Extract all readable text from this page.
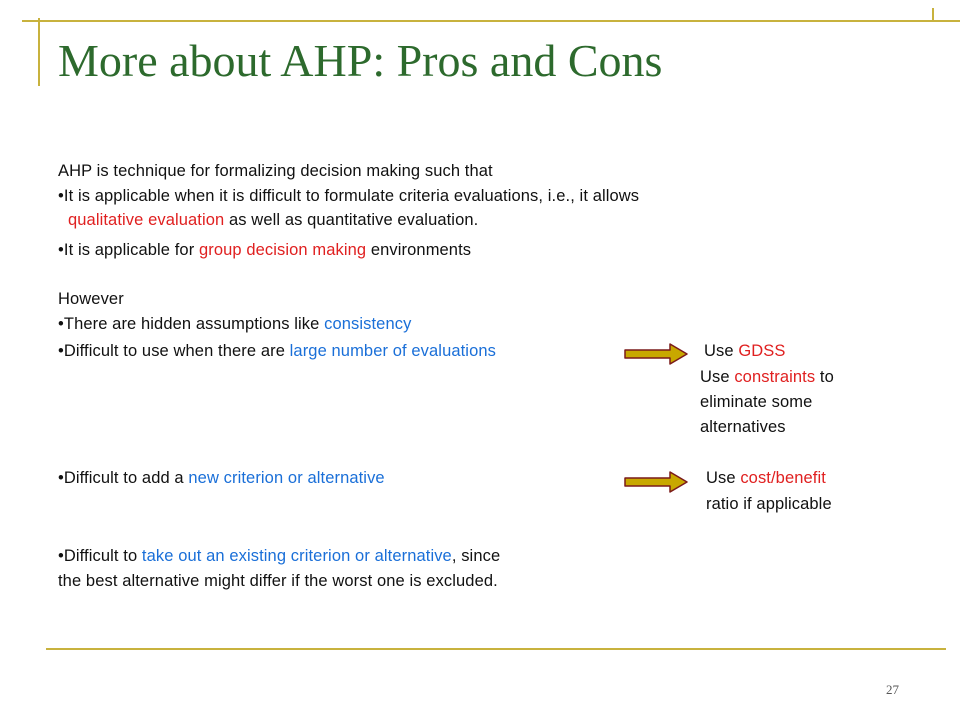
More about AHP: Pros and Cons
AHP is technique for formalizing decision making such that
•It is applicable when it is difficult to formulate criteria evaluations, i.e., it allows
qualitative evaluation as well as quantitative evaluation.
•It is applicable for group decision making environments
However
•There are hidden assumptions like consistency
•Difficult to use when there are large number of evaluations	Use GDSS
Use constraints to
eliminate some
alternatives
•Difficult to add a new criterion or alternative	Use cost/benefit
ratio if applicable
•Difficult to take out an existing criterion or alternative, since
the best alternative might differ if the worst one is excluded.
27
